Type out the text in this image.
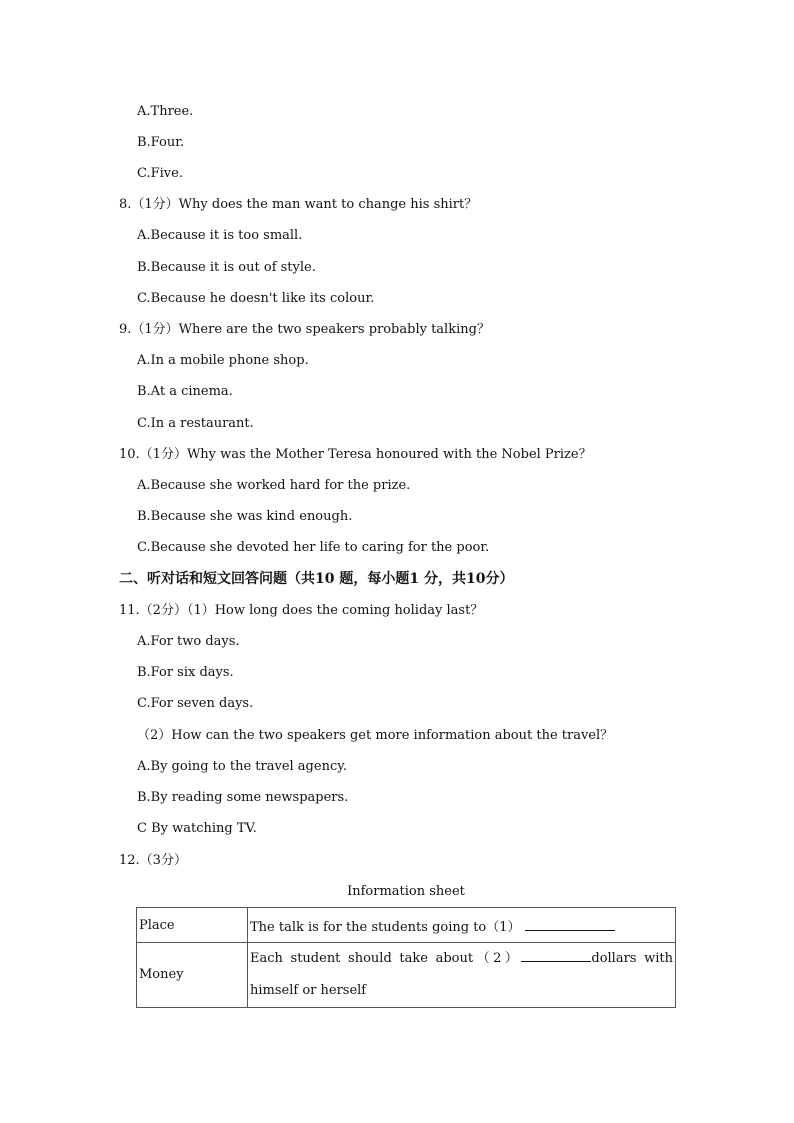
A.Three.
B.Four.
C.Five.
8.（1分）Why does the man want to change his shirt？
A.Because it is too small.
B.Because it is out of style.
C.Because he doesn't like its colour.
9.（1分）Where are the two speakers probably talking？
A.In a mobile phone shop.
B.At a cinema.
C.In a restaurant.
10.（1分）Why was the Mother Teresa honoured with the Nobel Prize？
A.Because she worked hard for the prize.
B.Because she was kind enough.
C.Because she devoted her life to caring for the poor.
二、听对话和短文回答问题（共10 题，每小题1 分，共10分）
11.（2分）（1）How long does the coming holiday last？
A.For two days.
B.For six days.
C.For seven days.
（2）How can the two speakers get more information about the travel？
A.By going to the travel agency.
B.By reading some newspapers.
C By watching TV.
12.（3分）
Information sheet
Place	The talk is for the students going to（1）
Money	Each student should take about（2） dollars with himself or herself
